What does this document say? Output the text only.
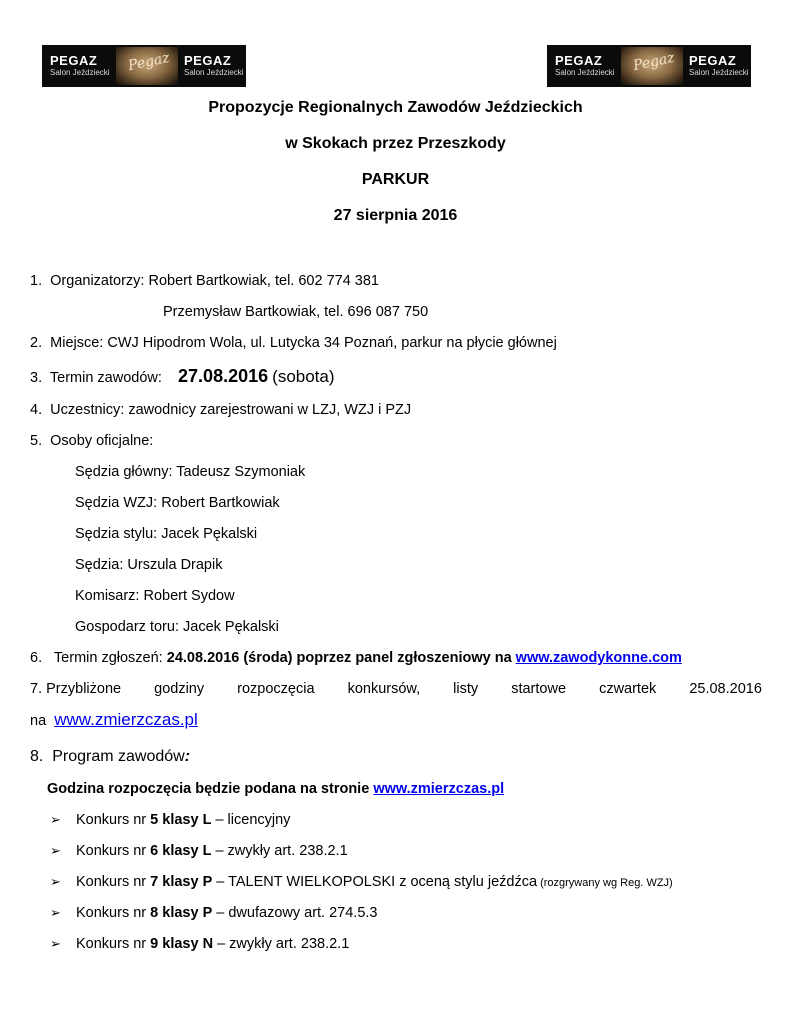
PEGAZ
Salon Jeździecki Pegaz PEGAZ
Salon Jeździecki
PEGAZ
Salon Jeździecki Pegaz PEGAZ
Salon Jeździecki
Propozycje Regionalnych Zawodów Jeździeckich
w Skokach przez Przeszkody
PARKUR
27 sierpnia 2016
1. Organizatorzy: Robert Bartkowiak, tel. 602 774 381
Przemysław Bartkowiak, tel. 696 087 750
2. Miejsce: CWJ Hipodrom Wola, ul. Lutycka 34 Poznań, parkur na płycie głównej
3. Termin zawodów: 27.08.2016 (sobota)
4. Uczestnicy: zawodnicy zarejestrowani w LZJ, WZJ i PZJ
5. Osoby oficjalne:
Sędzia główny: Tadeusz Szymoniak
Sędzia WZJ: Robert Bartkowiak
Sędzia stylu: Jacek Pękalski
Sędzia: Urszula Drapik
Komisarz: Robert Sydow
Gospodarz toru: Jacek Pękalski
6. Termin zgłoszeń: 24.08.2016 (środa) poprzez panel zgłoszeniowy na www.zawodykonne.com
7. Przybliżone godziny rozpoczęcia konkursów, listy startowe czwartek 25.08.2016
na www.zmierzczas.pl
8. Program zawodów:
Godzina rozpoczęcia będzie podana na stronie www.zmierzczas.pl
➢ Konkurs nr 5 klasy L – licencyjny
➢ Konkurs nr 6 klasy L – zwykły art. 238.2.1
➢ Konkurs nr 7 klasy P – TALENT WIELKOPOLSKI z oceną stylu jeźdźca (rozgrywany wg Reg. WZJ)
➢ Konkurs nr 8 klasy P – dwufazowy art. 274.5.3
➢ Konkurs nr 9 klasy N – zwykły art. 238.2.1
